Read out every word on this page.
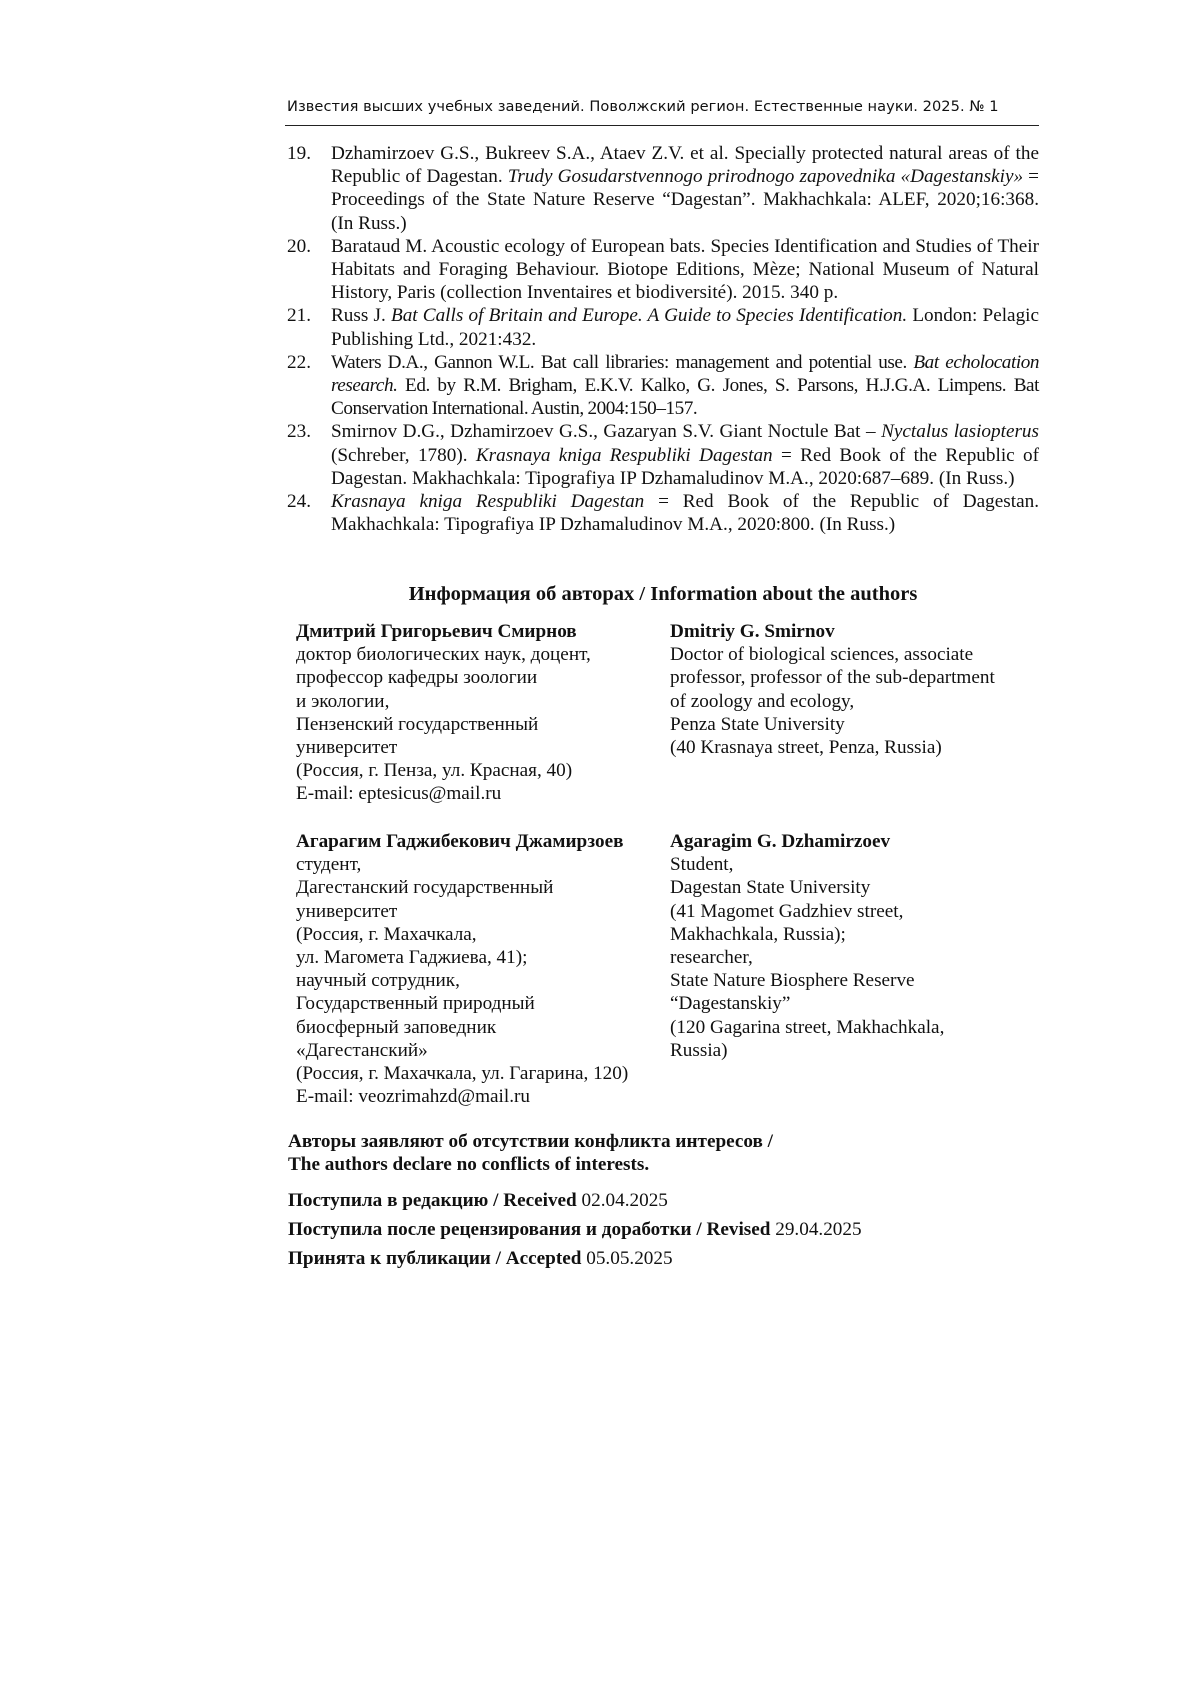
Известия высших учебных заведений. Поволжский регион. Естественные науки. 2025. № 1
19.	Dzhamirzoev G.S., Bukreev S.A., Ataev Z.V. et al. Specially protected natural areas of the Republic of Dagestan. Trudy Gosudarstvennogo prirodnogo zapovednika «Dagestanskiy» = Proceedings of the State Nature Reserve “Dagestan”. Makhachkala: ALEF, 2020;16:368. (In Russ.)
20.	Barataud M. Acoustic ecology of European bats. Species Identification and Studies of Their Habitats and Foraging Behaviour. Biotope Editions, Mèze; National Museum of Natural History, Paris (collection Inventaires et biodiversité). 2015. 340 p.
21.	Russ J. Bat Calls of Britain and Europe. A Guide to Species Identification. London: Pelagic Publishing Ltd., 2021:432.
22.	Waters D.A., Gannon W.L. Bat call libraries: management and potential use. Bat echolocation research. Ed. by R.M. Brigham, E.K.V. Kalko, G. Jones, S. Parsons, H.J.G.A. Limpens. Bat Conservation International. Austin, 2004:150–157.
23.	Smirnov D.G., Dzhamirzoev G.S., Gazaryan S.V. Giant Noctule Bat – Nyctalus lasiopterus (Schreber, 1780). Krasnaya kniga Respubliki Dagestan = Red Book of the Republic of Dagestan. Makhachkala: Tipografiya IP Dzhamaludinov M.A., 2020:687–689. (In Russ.)
24.	Krasnaya kniga Respubliki Dagestan = Red Book of the Republic of Dagestan. Makhachkala: Tipografiya IP Dzhamaludinov M.A., 2020:800. (In Russ.)
Информация об авторах / Information about the authors
Дмитрий Григорьевич Смирнов
доктор биологических наук, доцент,
профессор кафедры зоологии
и экологии,
Пензенский государственный
университет
(Россия, г. Пенза, ул. Красная, 40)
E-mail: eptesicus@mail.ru
Dmitriy G. Smirnov
Doctor of biological sciences, associate
professor, professor of the sub-department
of zoology and ecology,
Penza State University
(40 Krasnaya street, Penza, Russia)
Агарагим Гаджибекович Джамирзоев
студент,
Дагестанский государственный
университет
(Россия, г. Махачкала,
ул. Магомета Гаджиева, 41);
научный сотрудник,
Государственный природный
биосферный заповедник
«Дагестанский»
(Россия, г. Махачкала, ул. Гагарина, 120)
E-mail: veozrimahzd@mail.ru
Agaragim G. Dzhamirzoev
Student,
Dagestan State University
(41 Magomet Gadzhiev street,
Makhachkala, Russia);
researcher,
State Nature Biosphere Reserve
“Dagestanskiy”
(120 Gagarina street, Makhachkala,
Russia)
Авторы заявляют об отсутствии конфликта интересов /
The authors declare no conflicts of interests.
Поступила в редакцию / Received 02.04.2025
Поступила после рецензирования и доработки / Revised 29.04.2025
Принята к публикации / Accepted 05.05.2025
